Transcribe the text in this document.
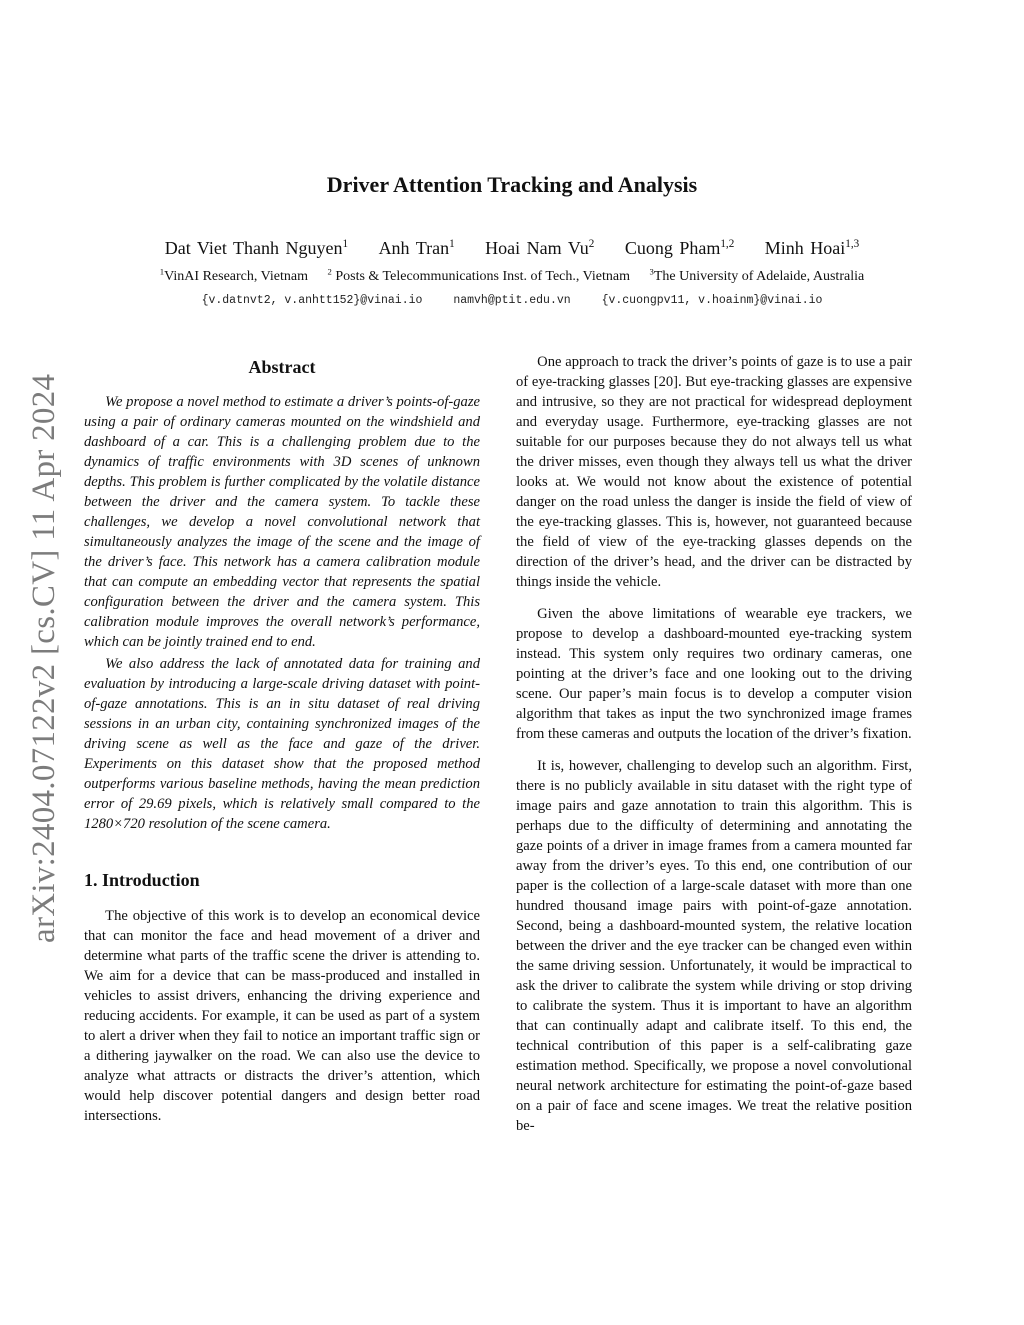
Driver Attention Tracking and Analysis
Dat Viet Thanh Nguyen$^1$ Anh Tran$^1$ Hoai Nam Vu$^2$ Cuong Pham$^{1,2}$ Minh Hoai$^{1,3}$
$^1$VinAI Research, Vietnam $^2$ Posts & Telecommunications Inst. of Tech., Vietnam $^3$The University of Adelaide, Australia
{v.datnvt2, v.anhtt152}@vinai.io	namvh@ptit.edu.vn	{v.cuongpv11, v.hoainm}@vinai.io
arXiv:2404.07122v2 [cs.CV] 11 Apr 2024
Abstract

We propose a novel method to estimate a driver’s points-of-gaze using a pair of ordinary cameras mounted on the windshield and dashboard of a car. This is a challenging problem due to the dynamics of traffic environments with 3D scenes of unknown depths. This problem is further complicated by the volatile distance between the driver and the camera system. To tackle these challenges, we develop a novel convolutional network that simultaneously analyzes the image of the scene and the image of the driver’s face. This network has a camera calibration module that can compute an embedding vector that represents the spatial configuration between the driver and the camera system. This calibration module improves the overall network’s performance, which can be jointly trained end to end.

We also address the lack of annotated data for training and evaluation by introducing a large-scale driving dataset with point-of-gaze annotations. This is an in situ dataset of real driving sessions in an urban city, containing synchronized images of the driving scene as well as the face and gaze of the driver. Experiments on this dataset show that the proposed method outperforms various baseline methods, having the mean prediction error of 29.69 pixels, which is relatively small compared to the 1280×720 resolution of the scene camera.

1. Introduction

The objective of this work is to develop an economical device that can monitor the face and head movement of a driver and determine what parts of the traffic scene the driver is attending to. We aim for a device that can be mass-produced and installed in vehicles to assist drivers, enhancing the driving experience and reducing accidents. For example, it can be used as part of a system to alert a driver when they fail to notice an important traffic sign or a dithering jaywalker on the road. We can also use the device to analyze what attracts or distracts the driver’s attention, which would help discover potential dangers and design better road intersections.

One approach to track the driver’s points of gaze is to use a pair of eye-tracking glasses [20]. But eye-tracking glasses are expensive and intrusive, so they are not practical for widespread deployment and everyday usage. Furthermore, eye-tracking glasses are not suitable for our purposes because they do not always tell us what the driver misses, even though they always tell us what the driver looks at. We would not know about the existence of potential danger on the road unless the danger is inside the field of view of the eye-tracking glasses. This is, however, not guaranteed because the field of view of the eye-tracking glasses depends on the direction of the driver’s head, and the driver can be distracted by things inside the vehicle.

Given the above limitations of wearable eye trackers, we propose to develop a dashboard-mounted eye-tracking system instead. This system only requires two ordinary cameras, one pointing at the driver’s face and one looking out to the driving scene. Our paper’s main focus is to develop a computer vision algorithm that takes as input the two synchronized image frames from these cameras and outputs the location of the driver’s fixation.

It is, however, challenging to develop such an algorithm. First, there is no publicly available in situ dataset with the right type of image pairs and gaze annotation to train this algorithm. This is perhaps due to the difficulty of determining and annotating the gaze points of a driver in image frames from a camera mounted far away from the driver’s eyes. To this end, one contribution of our paper is the collection of a large-scale dataset with more than one hundred thousand image pairs with point-of-gaze annotation. Second, being a dashboard-mounted system, the relative location between the driver and the eye tracker can be changed even within the same driving session. Unfortunately, it would be impractical to ask the driver to calibrate the system while driving or stop driving to calibrate the system. Thus it is important to have an algorithm that can continually adapt and calibrate itself. To this end, the technical contribution of this paper is a self-calibrating gaze estimation method. Specifically, we propose a novel convolutional neural network architecture for estimating the point-of-gaze based on a pair of face and scene images. We treat the relative position be-
